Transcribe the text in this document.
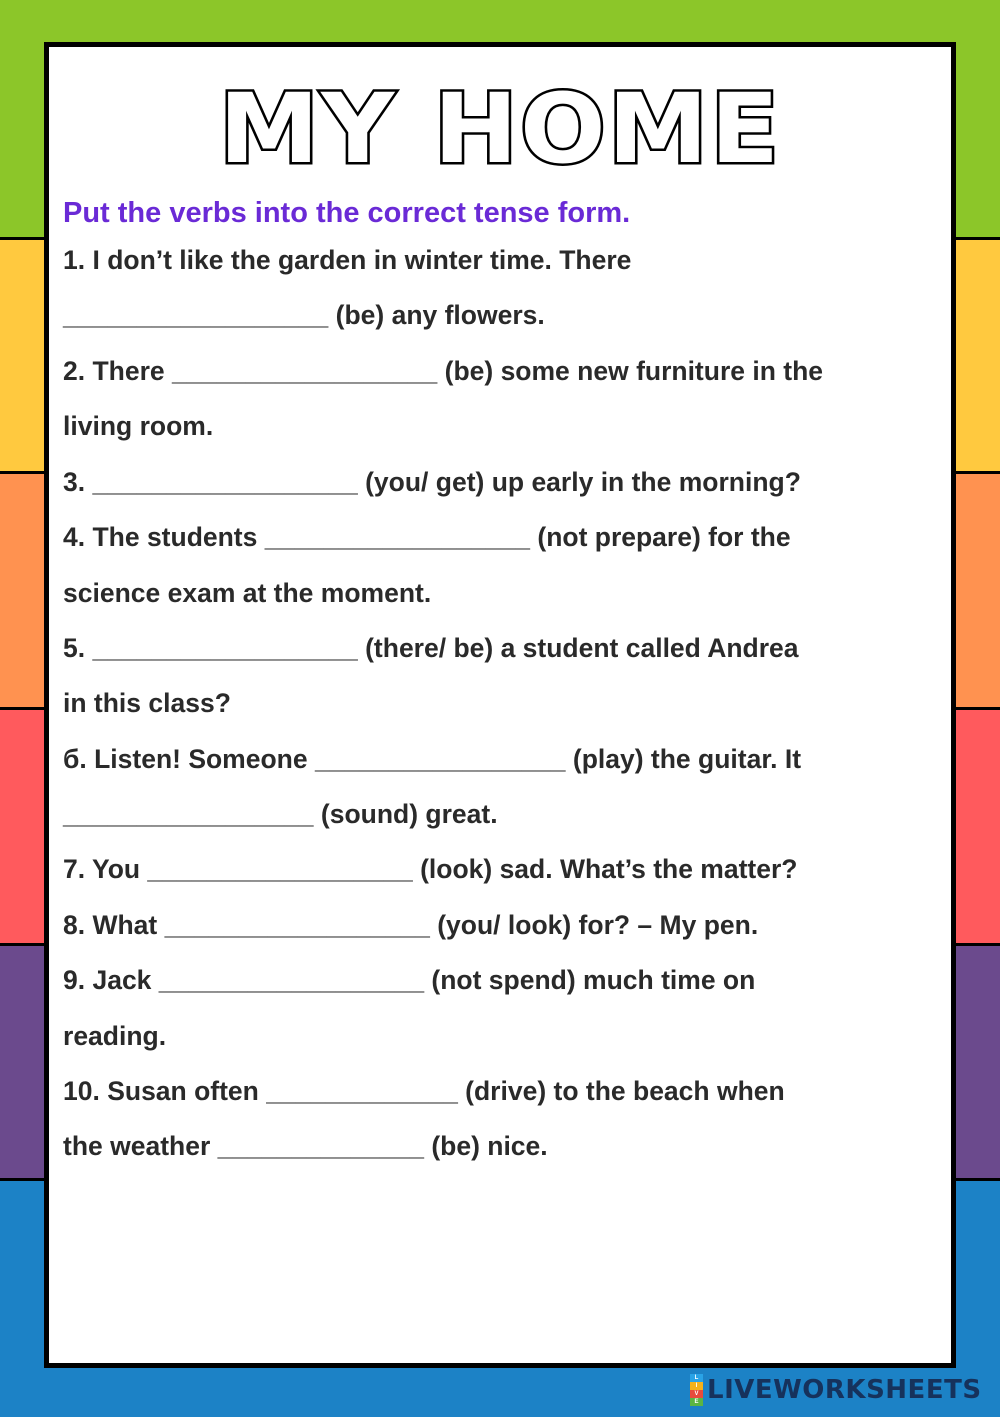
MY HOME

Put the verbs into the correct tense form.

1. I don’t like the garden in winter time. There

__________________ (be) any flowers.

2. There __________________ (be) some new furniture in the

living room.

3. __________________ (you/ get) up early in the morning?

4. The students __________________ (not prepare) for the

science exam at the moment.

5. __________________ (there/ be) a student called Andrea

in this class?

б. Listen! Someone _________________ (play) the guitar. It

_________________ (sound) great.

7. You __________________ (look) sad. What’s the matter?

8. What __________________ (you/ look) for? – My pen.

9. Jack __________________ (not spend) much time on

reading.

10. Susan often _____________ (drive) to the beach when

the weather ______________ (be) nice.

L
I
V
E LIVEWORKSHEETS
